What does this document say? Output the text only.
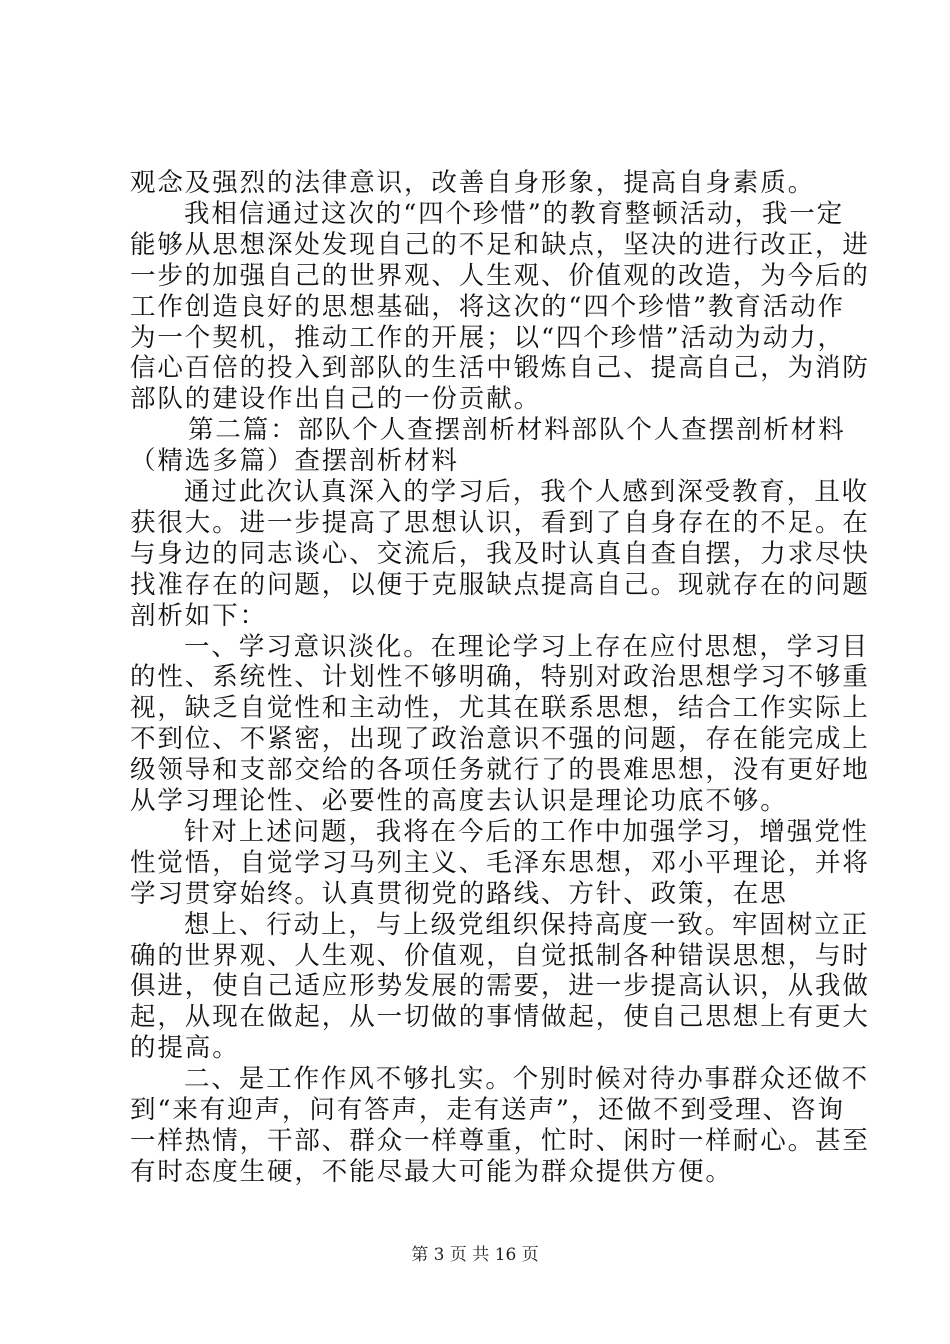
观念及强烈的法律意识，改善自身形象，提高自身素质。
我相信通过这次的“四个珍惜”的教育整顿活动，我一定
能够从思想深处发现自己的不足和缺点，坚决的进行改正，进
一步的加强自己的世界观、人生观、价值观的改造，为今后的
工作创造良好的思想基础，将这次的“四个珍惜”教育活动作
为一个契机，推动工作的开展；以“四个珍惜”活动为动力，
信心百倍的投入到部队的生活中锻炼自己、提高自己，为消防
部队的建设作出自己的一份贡献。
第二篇：部队个人查摆剖析材料部队个人查摆剖析材料
（精选多篇）查摆剖析材料
通过此次认真深入的学习后，我个人感到深受教育，且收
获很大。进一步提高了思想认识，看到了自身存在的不足。在
与身边的同志谈心、交流后，我及时认真自查自摆，力求尽快
找准存在的问题，以便于克服缺点提高自己。现就存在的问题
剖析如下：
一、学习意识淡化。在理论学习上存在应付思想，学习目
的性、系统性、计划性不够明确，特别对政治思想学习不够重
视，缺乏自觉性和主动性，尤其在联系思想，结合工作实际上
不到位、不紧密，出现了政治意识不强的问题，存在能完成上
级领导和支部交给的各项任务就行了的畏难思想，没有更好地
从学习理论性、必要性的高度去认识是理论功底不够。
针对上述问题，我将在今后的工作中加强学习，增强党性
性觉悟，自觉学习马列主义、毛泽东思想，邓小平理论，并将
学习贯穿始终。认真贯彻党的路线、方针、政策，在思
想上、行动上，与上级党组织保持高度一致。牢固树立正
确的世界观、人生观、价值观，自觉抵制各种错误思想，与时
俱进，使自己适应形势发展的需要，进一步提高认识，从我做
起，从现在做起，从一切做的事情做起，使自己思想上有更大
的提高。
二、是工作作风不够扎实。个别时候对待办事群众还做不
到“来有迎声，问有答声，走有送声”，还做不到受理、咨询
一样热情，干部、群众一样尊重，忙时、闲时一样耐心。甚至
有时态度生硬，不能尽最大可能为群众提供方便。
第 3 页 共 16 页
